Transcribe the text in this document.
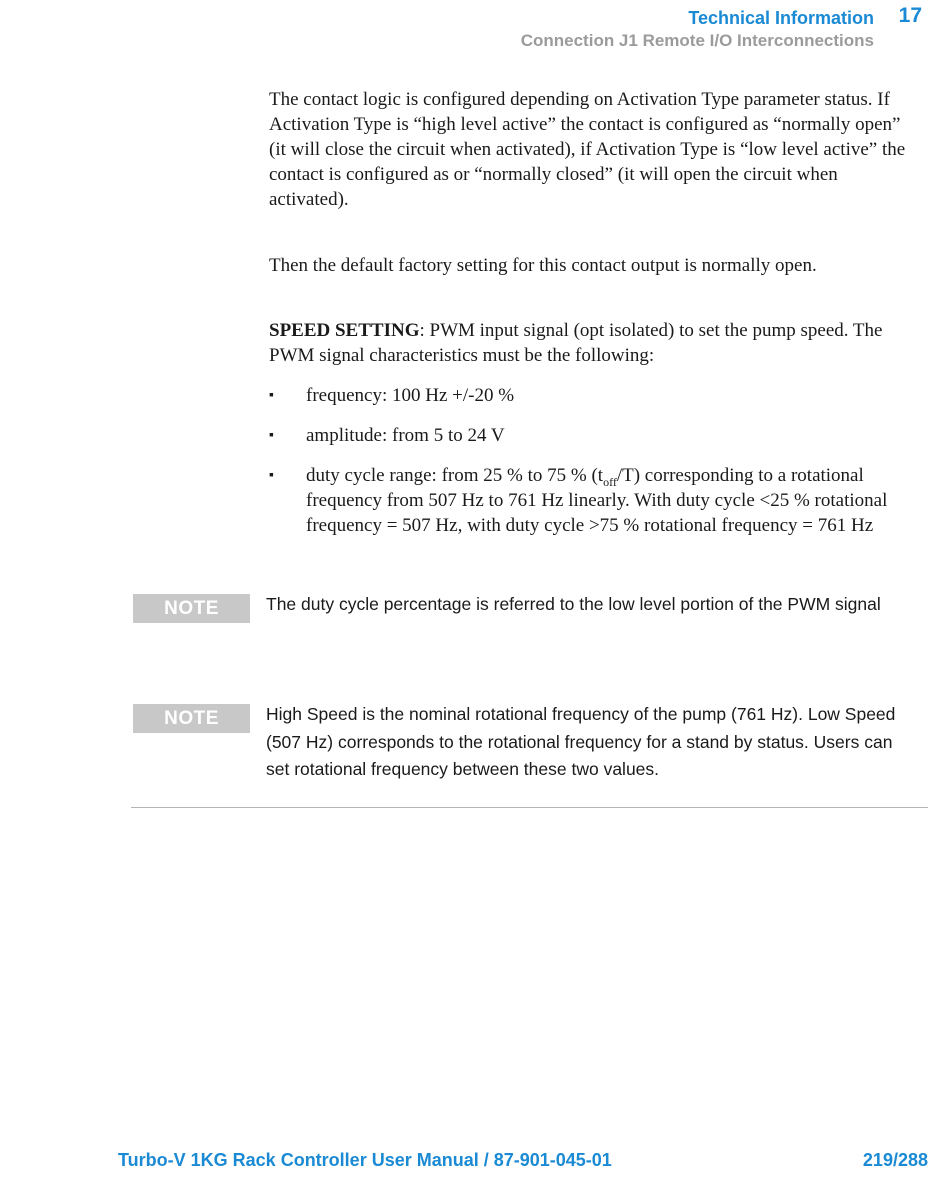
Technical Information 17
Connection J1 Remote I/O Interconnections

The contact logic is configured depending on Activation Type parameter status. If Activation Type is “high level active” the contact is configured as “normally open” (it will close the circuit when activated), if Activation Type is “low level active” the contact is configured as or “normally closed” (it will open the circuit when activated).

Then the default factory setting for this contact output is normally open.

SPEED SETTING: PWM input signal (opt isolated) to set the pump speed. The PWM signal characteristics must be the following:

▪ frequency: 100 Hz +/-20 %
▪ amplitude: from 5 to 24 V
▪ duty cycle range: from 25 % to 75 % $(t_{off}/T)$ corresponding to a rotational frequency from 507 Hz to 761 Hz linearly. With duty cycle <25 % rotational frequency = 507 Hz, with duty cycle >75 % rotational frequency = 761 Hz
NOTE	The duty cycle percentage is referred to the low level portion of the PWM signal
NOTE	High Speed is the nominal rotational frequency of the pump (761 Hz). Low Speed (507 Hz) corresponds to the rotational frequency for a stand by status. Users can set rotational frequency between these two values.
Turbo-V 1KG Rack Controller User Manual / 87-901-045-01	219/288
